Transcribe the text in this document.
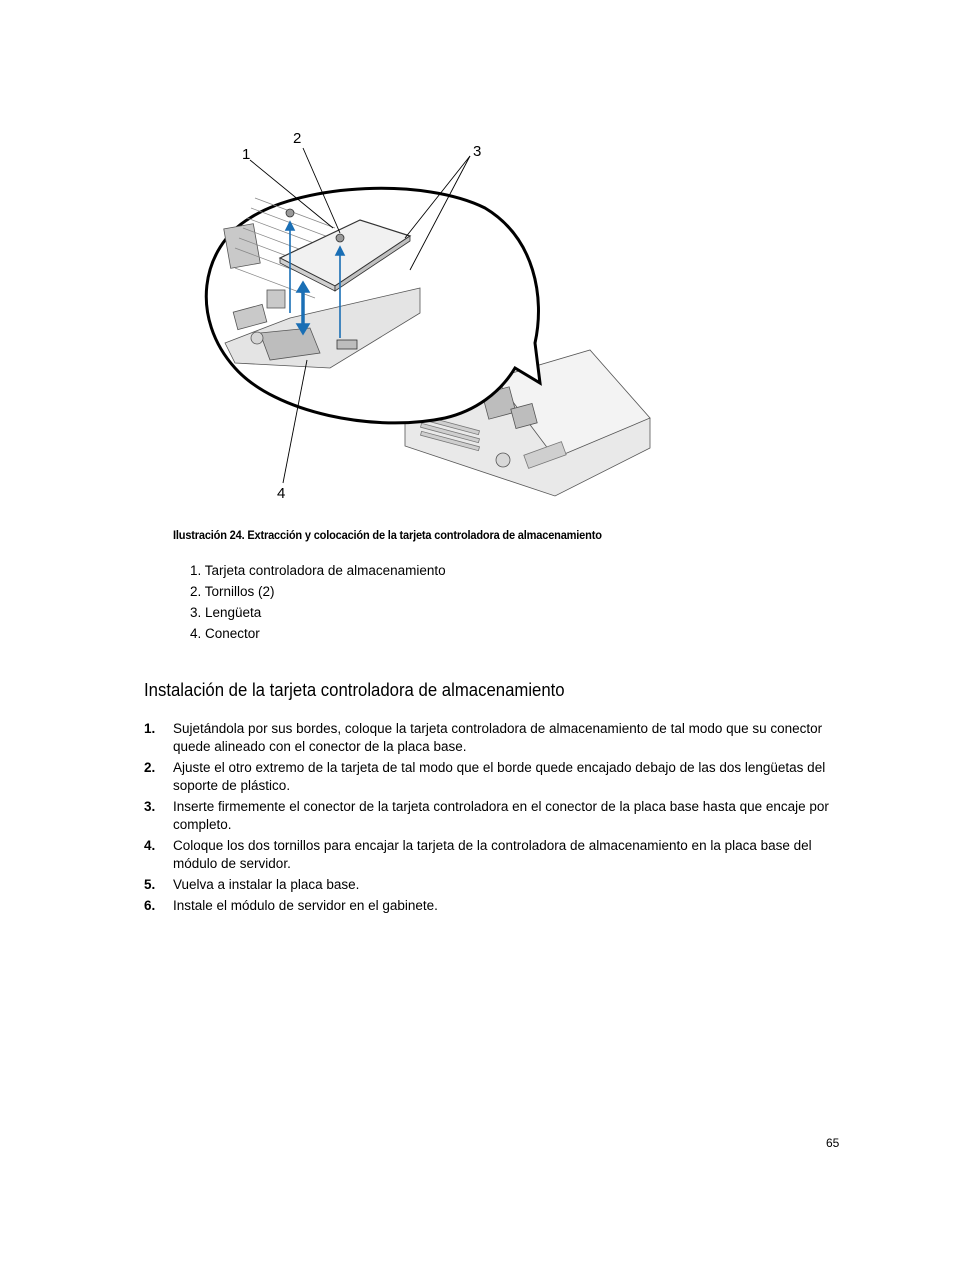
1
2
3
4
Ilustración 24. Extracción y colocación de la tarjeta controladora de almacenamiento
1. Tarjeta controladora de almacenamiento
2. Tornillos (2)
3. Lengüeta
4. Conector
Instalación de la tarjeta controladora de almacenamiento
1. Sujetándola por sus bordes, coloque la tarjeta controladora de almacenamiento de tal modo que su conector quede alineado con el conector de la placa base.
2. Ajuste el otro extremo de la tarjeta de tal modo que el borde quede encajado debajo de las dos lengüetas del soporte de plástico.
3. Inserte firmemente el conector de la tarjeta controladora en el conector de la placa base hasta que encaje por completo.
4. Coloque los dos tornillos para encajar la tarjeta de la controladora de almacenamiento en la placa base del módulo de servidor.
5. Vuelva a instalar la placa base.
6. Instale el módulo de servidor en el gabinete.
65
